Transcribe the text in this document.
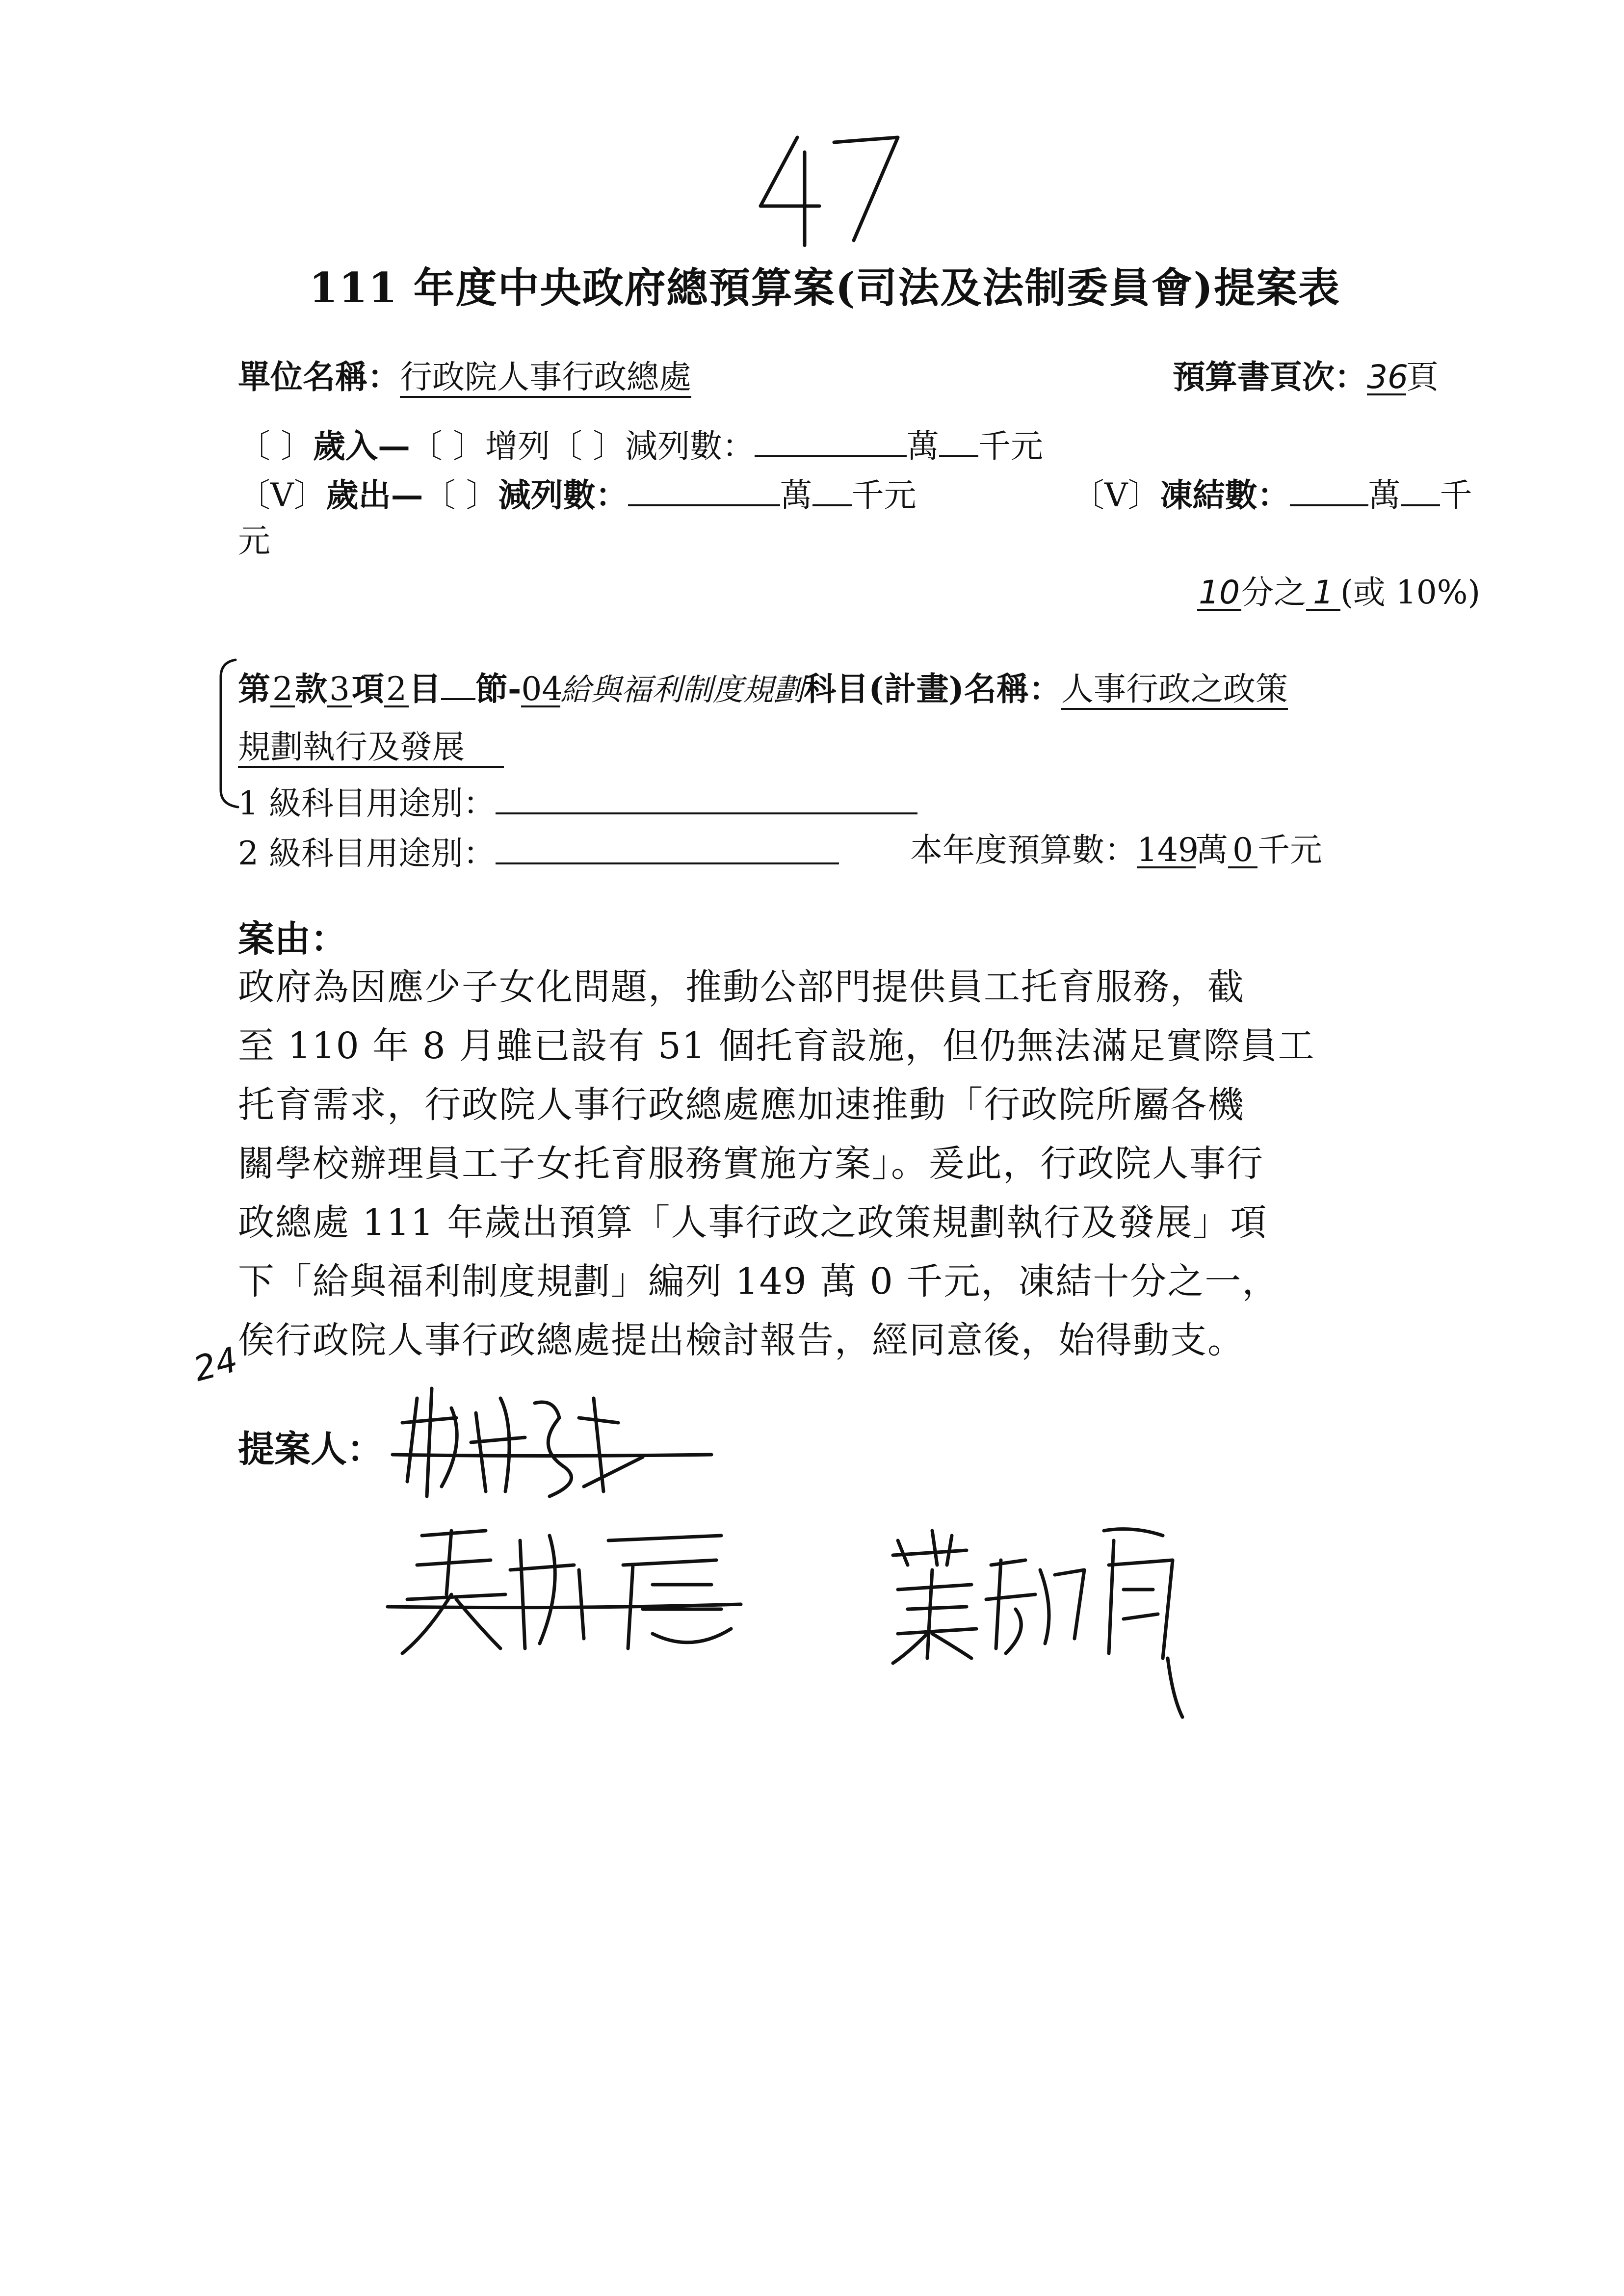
111 年度中央政府總預算案(司法及法制委員會)提案表
單位名稱：行政院人事行政總處	預算書頁次：36頁
〔 〕歲入—〔 〕增列〔 〕減列數：	萬 千元
〔V〕歲出—〔 〕減列數：	萬 千元	〔V〕凍結數： 萬 千
元
10分之 1 (或 10%)
第2款3項2目 節-04給與福利制度規劃科目(計畫)名稱：人事行政之政策
規劃執行及發展
1 級科目用途別：
2 級科目用途別：	本年度預算數：149萬 0 千元
案由：
政府為因應少子女化問題，推動公部門提供員工托育服務，截
至 110 年 8 月雖已設有 51 個托育設施，但仍無法滿足實際員工
托育需求，行政院人事行政總處應加速推動「行政院所屬各機
關學校辦理員工子女托育服務實施方案」。爰此，行政院人事行
政總處 111 年歲出預算「人事行政之政策規劃執行及發展」項
下「給與福利制度規劃」編列 149 萬 0 千元，凍結十分之一，
俟行政院人事行政總處提出檢討報告，經同意後，始得動支。
24
提案人：
